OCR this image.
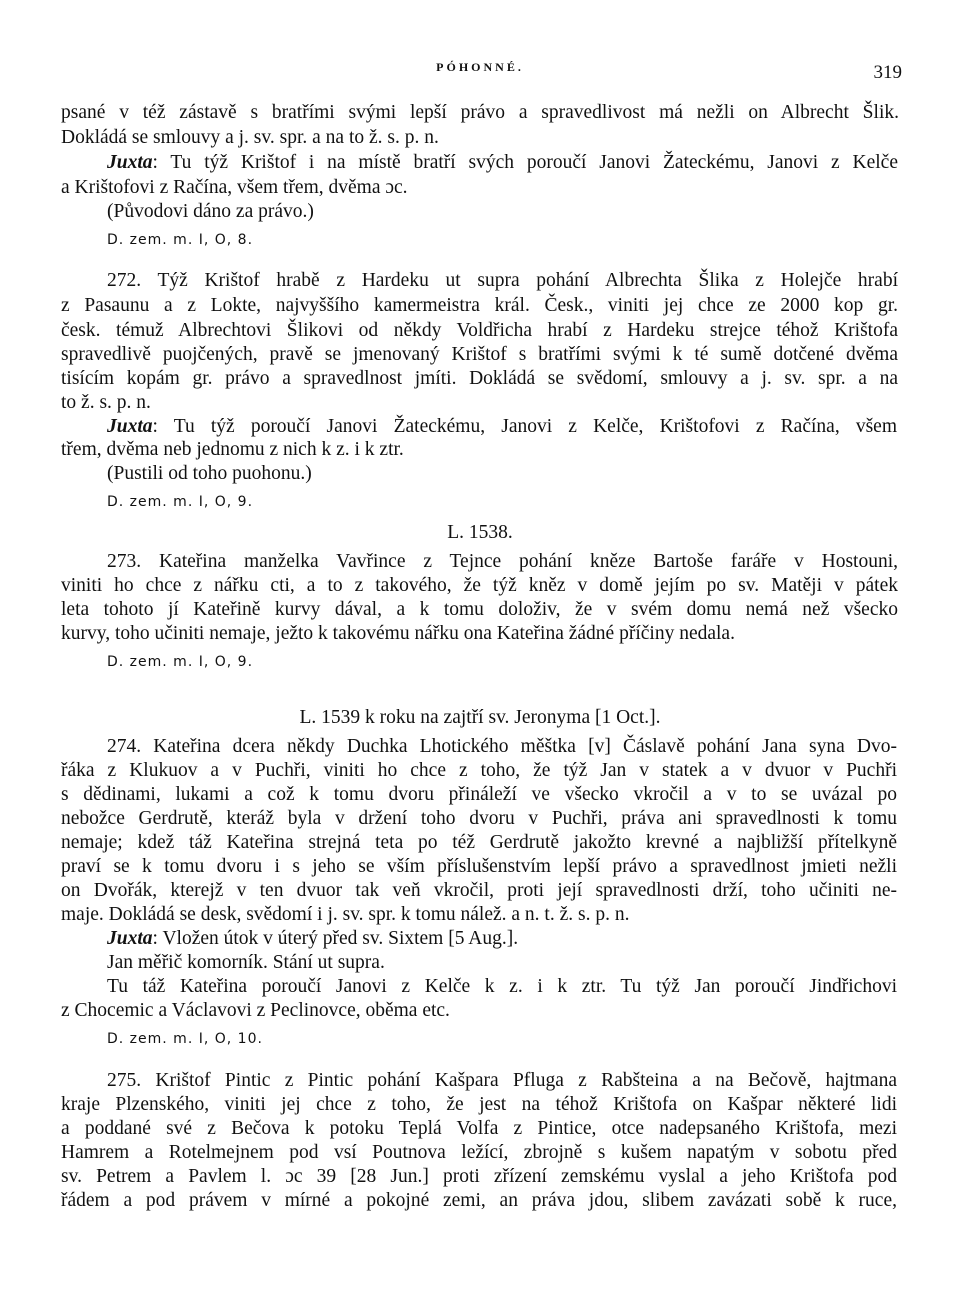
PÓHONNÉ.	319
psané v též zástavě s bratřími svými lepší právo a spravedlivost má nežli on Albrecht Šlik.
Dokládá se smlouvy a j. sv. spr. a na to ž. s. p. n.
Juxta: Tu týž Krištof i na místě bratří svých poroučí Janovi Žateckému, Janovi z Kelče
a Krištofovi z Račína, všem třem, dvěma ɔc.
(Původovi dáno za právo.)
D. zem. m. I, O, 8.
272. Týž Krištof hrabě z Hardeku ut supra pohání Albrechta Šlika z Holejče hrabí
z Pasaunu a z Lokte, najvyššího kamermeistra král. Česk., viniti jej chce ze 2000 kop gr.
česk. témuž Albrechtovi Šlikovi od někdy Voldřicha hrabí z Hardeku strejce téhož Krištofa
spravedlivě puojčených, pravě se jmenovaný Krištof s bratřími svými k té sumě dotčené dvěma
tisícím kopám gr. právo a spravedlnost jmíti. Dokládá se svědomí, smlouvy a j. sv. spr. a na
to ž. s. p. n.
Juxta: Tu týž poroučí Janovi Žateckému, Janovi z Kelče, Krištofovi z Račína, všem
třem, dvěma neb jednomu z nich k z. i k ztr.
(Pustili od toho puohonu.)
D. zem. m. I, O, 9.
L. 1538.
273. Kateřina manželka Vavřince z Tejnce pohání kněze Bartoše faráře v Hostouni,
viniti ho chce z nářku cti, a to z takového, že týž kněz v domě jejím po sv. Matěji v pátek
leta tohoto jí Kateřině kurvy dával, a k tomu doloživ, že v svém domu nemá než všecko
kurvy, toho učiniti nemaje, ježto k takovému nářku ona Kateřina žádné příčiny nedala.
D. zem. m. I, O, 9.
L. 1539 k roku na zajtří sv. Jeronyma [1 Oct.].
274. Kateřina dcera někdy Duchka Lhotického měštka [v] Čáslavě pohání Jana syna Dvo-
řáka z Klukuov a v Puchři, viniti ho chce z toho, že týž Jan v statek a v dvuor v Puchři
s dědinami, lukami a což k tomu dvoru přináleží ve všecko vkročil a v to se uvázal po
nebožce Gerdrutě, kteráž byla v držení toho dvoru v Puchři, práva ani spravedlnosti k tomu
nemaje; kdež táž Kateřina strejná teta po též Gerdrutě jakožto krevné a najbližší přítelkyně
praví se k tomu dvoru i s jeho se vším příslušenstvím lepší právo a spravedlnost jmieti nežli
on Dvořák, kterejž v ten dvuor tak veň vkročil, proti její spravedlnosti drží, toho učiniti ne-
maje. Dokládá se desk, svědomí i j. sv. spr. k tomu nálež. a n. t. ž. s. p. n.
Juxta: Vložen útok v úterý před sv. Sixtem [5 Aug.].
Jan měřič komorník. Stání ut supra.
Tu táž Kateřina poroučí Janovi z Kelče k z. i k ztr. Tu týž Jan poroučí Jindřichovi
z Chocemic a Václavovi z Peclinovce, oběma etc.
D. zem. m. I, O, 10.
275. Krištof Pintic z Pintic pohání Kašpara Pfluga z Rabšteina a na Bečově, hajtmana
kraje Plzenského, viniti jej chce z toho, že jest na téhož Krištofa on Kašpar některé lidi
a poddané své z Bečova k potoku Teplá Volfa z Pintice, otce nadepsaného Krištofa, mezi
Hamrem a Rotelmejnem pod vsí Poutnova ležící, zbrojně s kušem napatým v sobotu před
sv. Petrem a Pavlem l. ɔc 39 [28 Jun.] proti zřízení zemskému vyslal a jeho Krištofa pod
řádem a pod právem v mírné a pokojné zemi, an práva jdou, slibem zavázati sobě k ruce,
